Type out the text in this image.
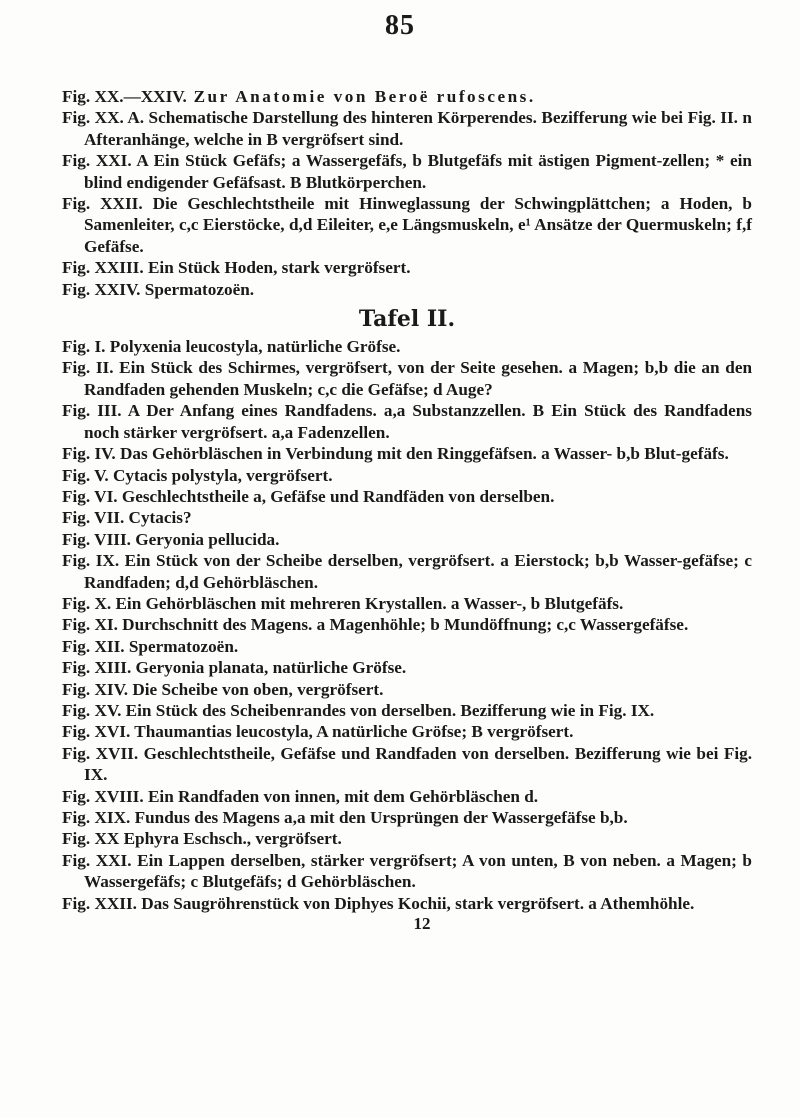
85

Fig. XX.—XXIV. Zur Anatomie von Beroë rufoscens.

Fig. XX. A. Schematische Darstellung des hinteren Körperendes. Bezifferung wie bei Fig. II. n Afteranhänge, welche in B vergröfsert sind.

Fig. XXI. A Ein Stück Gefäfs; a Wassergefäfs, b Blutgefäfs mit ästigen Pigment-zellen; * ein blind endigender Gefäfsast. B Blutkörperchen.

Fig. XXII. Die Geschlechtstheile mit Hinweglassung der Schwingplättchen; a Hoden, b Samenleiter, c,c Eierstöcke, d,d Eileiter, e,e Längsmuskeln, e¹ Ansätze der Quermuskeln; f,f Gefäfse.

Fig. XXIII. Ein Stück Hoden, stark vergröfsert.

Fig. XXIV. Spermatozoën.

Tafel II.

Fig. I. Polyxenia leucostyla, natürliche Gröfse.

Fig. II. Ein Stück des Schirmes, vergröfsert, von der Seite gesehen. a Magen; b,b die an den Randfaden gehenden Muskeln; c,c die Gefäfse; d Auge?

Fig. III. A Der Anfang eines Randfadens. a,a Substanzzellen. B Ein Stück des Randfadens noch stärker vergröfsert. a,a Fadenzellen.

Fig. IV. Das Gehörbläschen in Verbindung mit den Ringgefäfsen. a Wasser- b,b Blut-gefäfs.

Fig. V. Cytacis polystyla, vergröfsert.

Fig. VI. Geschlechtstheile a, Gefäfse und Randfäden von derselben.

Fig. VII. Cytacis?

Fig. VIII. Geryonia pellucida.

Fig. IX. Ein Stück von der Scheibe derselben, vergröfsert. a Eierstock; b,b Wasser-gefäfse; c Randfaden; d,d Gehörbläschen.

Fig. X. Ein Gehörbläschen mit mehreren Krystallen. a Wasser-, b Blutgefäfs.

Fig. XI. Durchschnitt des Magens. a Magenhöhle; b Mundöffnung; c,c Wassergefäfse.

Fig. XII. Spermatozoën.

Fig. XIII. Geryonia planata, natürliche Gröfse.

Fig. XIV. Die Scheibe von oben, vergröfsert.

Fig. XV. Ein Stück des Scheibenrandes von derselben. Bezifferung wie in Fig. IX.

Fig. XVI. Thaumantias leucostyla, A natürliche Gröfse; B vergröfsert.

Fig. XVII. Geschlechtstheile, Gefäfse und Randfaden von derselben. Bezifferung wie bei Fig. IX.

Fig. XVIII. Ein Randfaden von innen, mit dem Gehörbläschen d.

Fig. XIX. Fundus des Magens a,a mit den Ursprüngen der Wassergefäfse b,b.

Fig. XX Ephyra Eschsch., vergröfsert.

Fig. XXI. Ein Lappen derselben, stärker vergröfsert; A von unten, B von neben. a Magen; b Wassergefäfs; c Blutgefäfs; d Gehörbläschen.

Fig. XXII. Das Saugröhrenstück von Diphyes Kochii, stark vergröfsert. a Athemhöhle.

12
